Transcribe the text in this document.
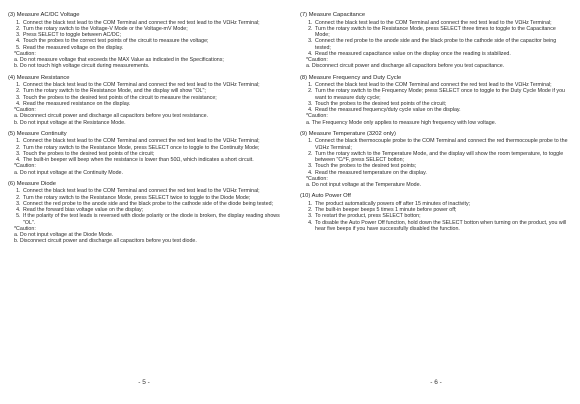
(3) Measure AC/DC Voltage
1. Connect the black test lead to the COM Terminal and connect the red test lead to the VΩHz Terminal;
2. Turn the rotary switch to the Voltage-V Mode or the Voltage-mV Mode;
3. Press SELECT to toggle between AC/DC;
4. Touch the probes to the correct test points of the circuit to measure the voltage;
5. Read the measured voltage on the display.
*Caution:
a. Do not measure voltage that exceeds the MAX Value as indicated in the Specifications;
b. Do not touch high voltage circuit during measurements.
(4) Measure Resistance
1. Connect the black test lead to the COM Terminal and connect the red test lead to the VΩHz Terminal;
2. Turn the rotary switch to the Resistance Mode, and the display will show "OL";
3. Touch the probes to the desired test points of the circuit to measure the resistance;
4. Read the measured resistance on the display.
*Caution:
a. Disconnect circuit power and discharge all capacitors before you test resistance.
b. Do not input voltage at the Resistance Mode.
(5) Measure Continuity
1. Connect the black test lead to the COM Terminal and connect the red test lead to the VΩHz Terminal;
2. Turn the rotary switch to the Resistance Mode, press SELECT once to toggle to the Continuity Mode;
3. Touch the probes to the desired test points of the circuit;
4. The built-in beeper will beep when the resistance is lower than 50Ω, which indicates a short circuit.
*Caution:
a. Do not input voltage at the Continuity Mode.
(6) Measure Diode
1. Connect the black test lead to the COM Terminal and connect the red test lead to the VΩHz Terminal;
2. Turn the rotary switch to the Resistance Mode, press SELECT twice to toggle to the Diode Mode;
3. Connect the red probe to the anode side and the black probe to the cathode side of the diode being tested;
4. Read the forward bias voltage value on the display;
5. If the polarity of the test leads is reversed with diode polarity or the diode is broken, the display reading shows "OL".
*Caution:
a. Do not input voltage at the Diode Mode.
b. Disconnect circuit power and discharge all capacitors before you test diode.
(7) Measure Capacitance
1. Connect the black test lead to the COM Terminal and connect the red test lead to the VΩHz Terminal;
2. Turn the rotary switch to the Resistance Mode, press SELECT three times to toggle to the Capacitance Mode;
3. Connect the red probe to the anode side and the black probe to the cathode side of the capacitor being tested;
4. Read the measured capacitance value on the display once the reading is stabilized.
*Caution:
a. Disconnect circuit power and discharge all capacitors before you test capacitance.
(8) Measure Frequency and Duty Cycle
1. Connect the black test lead to the COM Terminal and connect the red test lead to the VΩHz Terminal;
2. Turn the rotary switch to the Frequency Mode; press SELECT once to toggle to the Duty Cycle Mode if you want to measure duty cycle;
3. Touch the probes to the desired test points of the circuit;
4. Read the measured frequency/duty cycle value on the display.
*Caution:
a. The Frequency Mode only applies to measure high frequency with low voltage.
(9) Measure Temperature (3202 only)
1. Connect the black thermocouple probe to the COM Terminal and connect the red thermocouple probe to the VΩHz Terminal;
2. Turn the rotary switch to the Temperature Mode, and the display will show the room temperature, to toggle between "C/°F, press SELECT botton;
3. Touch the probes to the desired test points;
4. Read the measured temperature on the display.
*Caution:
a. Do not input voltage at the Temperature Mode.
(10) Auto Power Off
1. The product automatically powers off after 15 minutes of inactivity;
2. The built-in beeper beeps 5 times 1 minute before power off;
3. To restart the product, press SELECT botton;
4. To disable the Auto Power Off function, hold down the SELECT botton when turning on the product, you will hear five beeps if you have successfully disabled the function.
- 5 -	- 6 -
